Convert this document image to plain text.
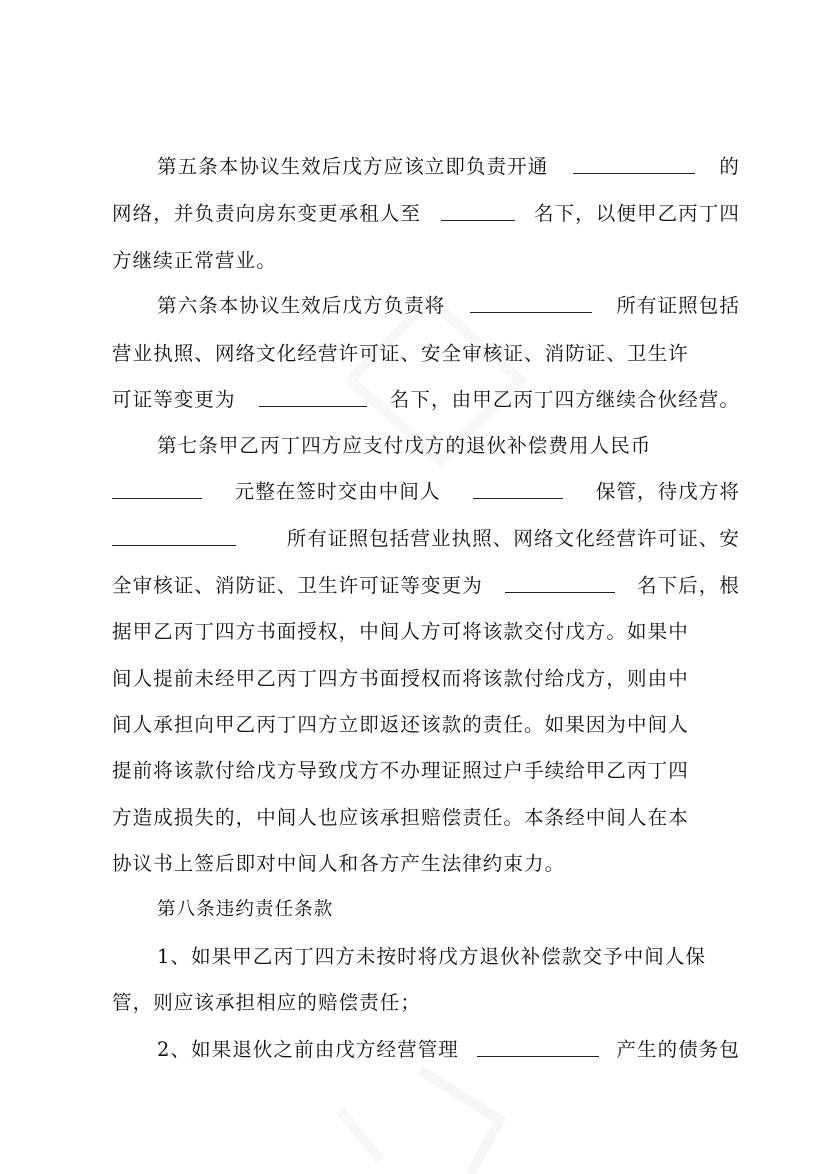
第五条本协议生效后戊方应该立即负责开通	的
网络，并负责向房东变更承租人至	名下，以便甲乙丙丁四
方继续正常营业。
第六条本协议生效后戊方负责将	所有证照包括
营业执照、网络文化经营许可证、安全审核证、消防证、卫生许
可证等变更为	名下，由甲乙丙丁四方继续合伙经营。
第七条甲乙丙丁四方应支付戊方的退伙补偿费用人民币
元整在签时交由中间人	保管，待戊方将
所有证照包括营业执照、网络文化经营许可证、安
全审核证、消防证、卫生许可证等变更为	名下后，根
据甲乙丙丁四方书面授权，中间人方可将该款交付戊方。如果中
间人提前未经甲乙丙丁四方书面授权而将该款付给戊方，则由中
间人承担向甲乙丙丁四方立即返还该款的责任。如果因为中间人
提前将该款付给戊方导致戊方不办理证照过户手续给甲乙丙丁四
方造成损失的，中间人也应该承担赔偿责任。本条经中间人在本
协议书上签后即对中间人和各方产生法律约束力。
第八条违约责任条款
1、如果甲乙丙丁四方未按时将戊方退伙补偿款交予中间人保
管，则应该承担相应的赔偿责任；
2、如果退伙之前由戊方经营管理	产生的债务包
